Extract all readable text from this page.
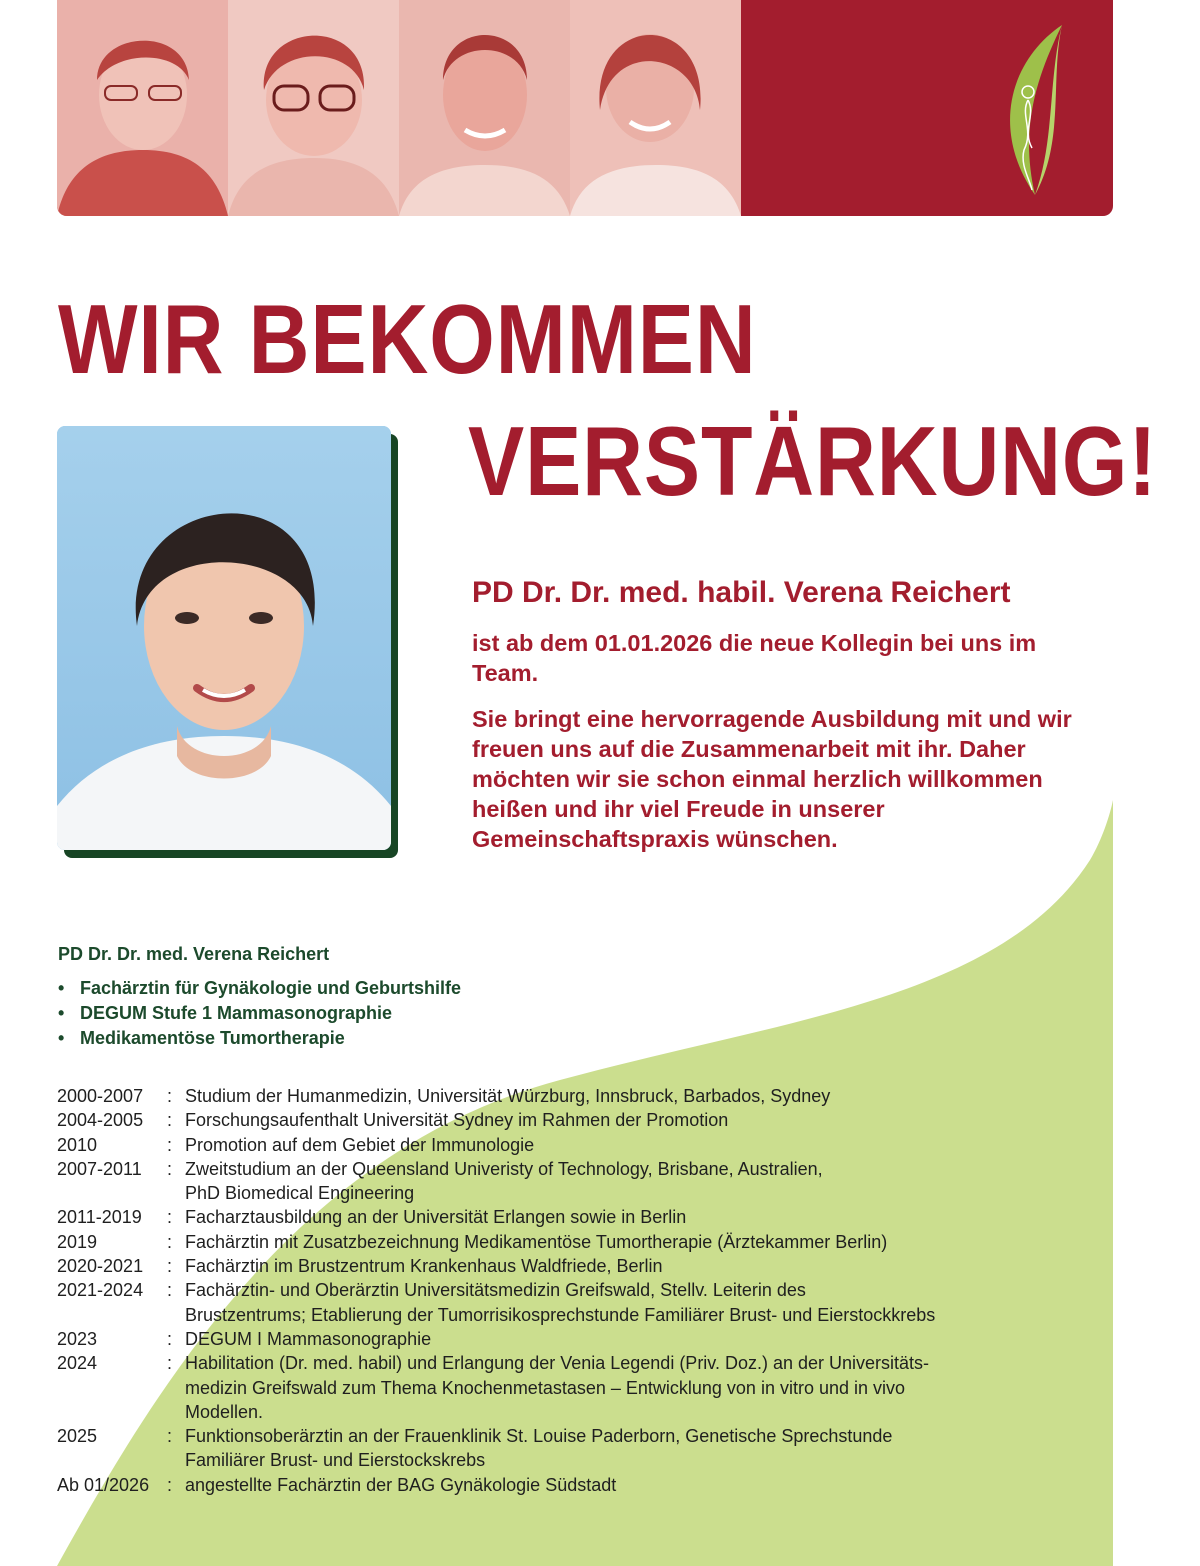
WIR BEKOMMEN
VERSTÄRKUNG!
PD Dr. Dr. med. habil. Verena Reichert

ist ab dem 01.01.2026 die neue Kollegin bei uns im Team.

Sie bringt eine hervorragende Ausbildung mit und wir freuen uns auf die Zusammenarbeit mit ihr. Daher möchten wir sie schon einmal herzlich willkommen heißen und ihr viel Freude in unserer Gemeinschaftspraxis wünschen.

PD Dr. Dr. med. Verena Reichert
• Fachärztin für Gynäkologie und Geburtshilfe
• DEGUM Stufe 1 Mammasonographie
• Medikamentöse Tumortherapie
2000-2007	: Studium der Humanmedizin, Universität Würzburg, Innsbruck, Barbados, Sydney
2004-2005	: Forschungsaufenthalt Universität Sydney im Rahmen der Promotion
2010	: Promotion auf dem Gebiet der Immunologie
2007-2011	: Zweitstudium an der Queensland Univeristy of Technology, Brisbane, Australien,
PhD Biomedical Engineering
2011-2019	: Facharztausbildung an der Universität Erlangen sowie in Berlin
2019	: Fachärztin mit Zusatzbezeichnung Medikamentöse Tumortherapie (Ärztekammer Berlin)
2020-2021	: Fachärztin im Brustzentrum Krankenhaus Waldfriede, Berlin
2021-2024	: Fachärztin- und Oberärztin Universitätsmedizin Greifswald, Stellv. Leiterin des
Brustzentrums; Etablierung der Tumorrisikosprechstunde Familiärer Brust- und Eierstockkrebs
2023	: DEGUM I Mammasonographie
2024	: Habilitation (Dr. med. habil) und Erlangung der Venia Legendi (Priv. Doz.) an der Universitäts-
medizin Greifswald zum Thema Knochenmetastasen – Entwicklung von in vitro und in vivo
Modellen.
2025	: Funktionsoberärztin an der Frauenklinik St. Louise Paderborn, Genetische Sprechstunde
Familiärer Brust- und Eierstockskrebs
Ab 01/2026 : angestellte Fachärztin der BAG Gynäkologie Südstadt
